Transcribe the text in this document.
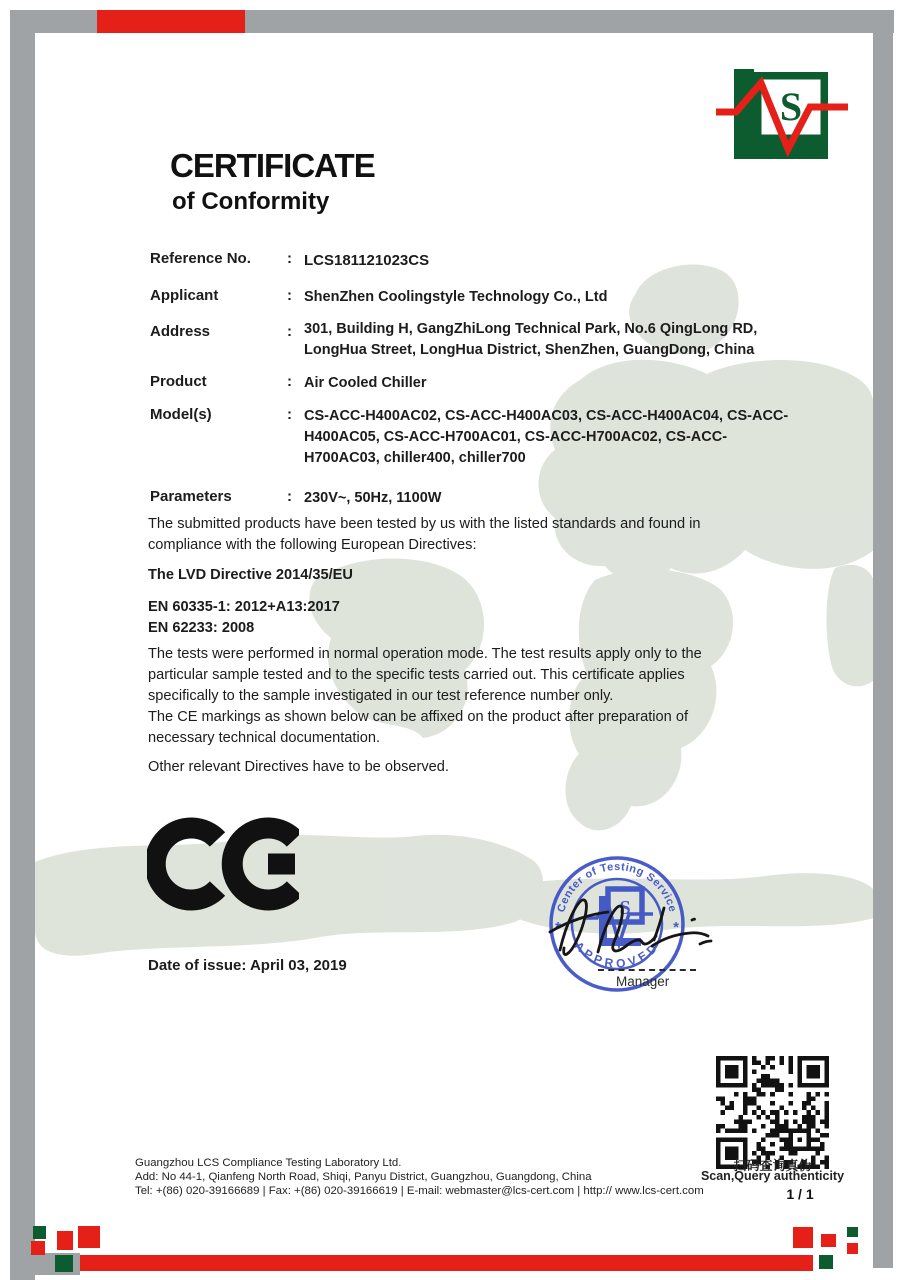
S
CERTIFICATE
of Conformity
Reference No.	: LCS181121023CS
Applicant	: ShenZhen Coolingstyle Technology Co., Ltd
Address	: 301, Building H, GangZhiLong Technical Park, No.6 QingLong RD, LongHua Street, LongHua District, ShenZhen, GuangDong, China
Product	: Air Cooled Chiller
Model(s)	: CS-ACC-H400AC02, CS-ACC-H400AC03, CS-ACC-H400AC04, CS-ACC-H400AC05, CS-ACC-H700AC01, CS-ACC-H700AC02, CS-ACC-H700AC03, chiller400, chiller700
Parameters	: 230V~, 50Hz, 1100W
The submitted products have been tested by us with the listed standards and found in compliance with the following European Directives:
The LVD Directive 2014/35/EU
EN 60335-1: 2012+A13:2017
EN 62233: 2008
The tests were performed in normal operation mode. The test results apply only to the particular sample tested and to the specific tests carried out. This certificate applies specifically to the sample investigated in our test reference number only.
The CE markings as shown below can be affixed on the product after preparation of necessary technical documentation.
Other relevant Directives have to be observed.
Date of issue: April 03, 2019
Center of Testing Service
APPROVED
*	*
S
Manager
扫码查询真伪
Scan,Query authenticity
1 / 1
Guangzhou LCS Compliance Testing Laboratory Ltd.
Add: No 44-1, Qianfeng North Road, Shiqi, Panyu District, Guangzhou, Guangdong, China
Tel: +(86) 020-39166689 | Fax: +(86) 020-39166619 | E-mail: webmaster@lcs-cert.com | http:// www.lcs-cert.com
